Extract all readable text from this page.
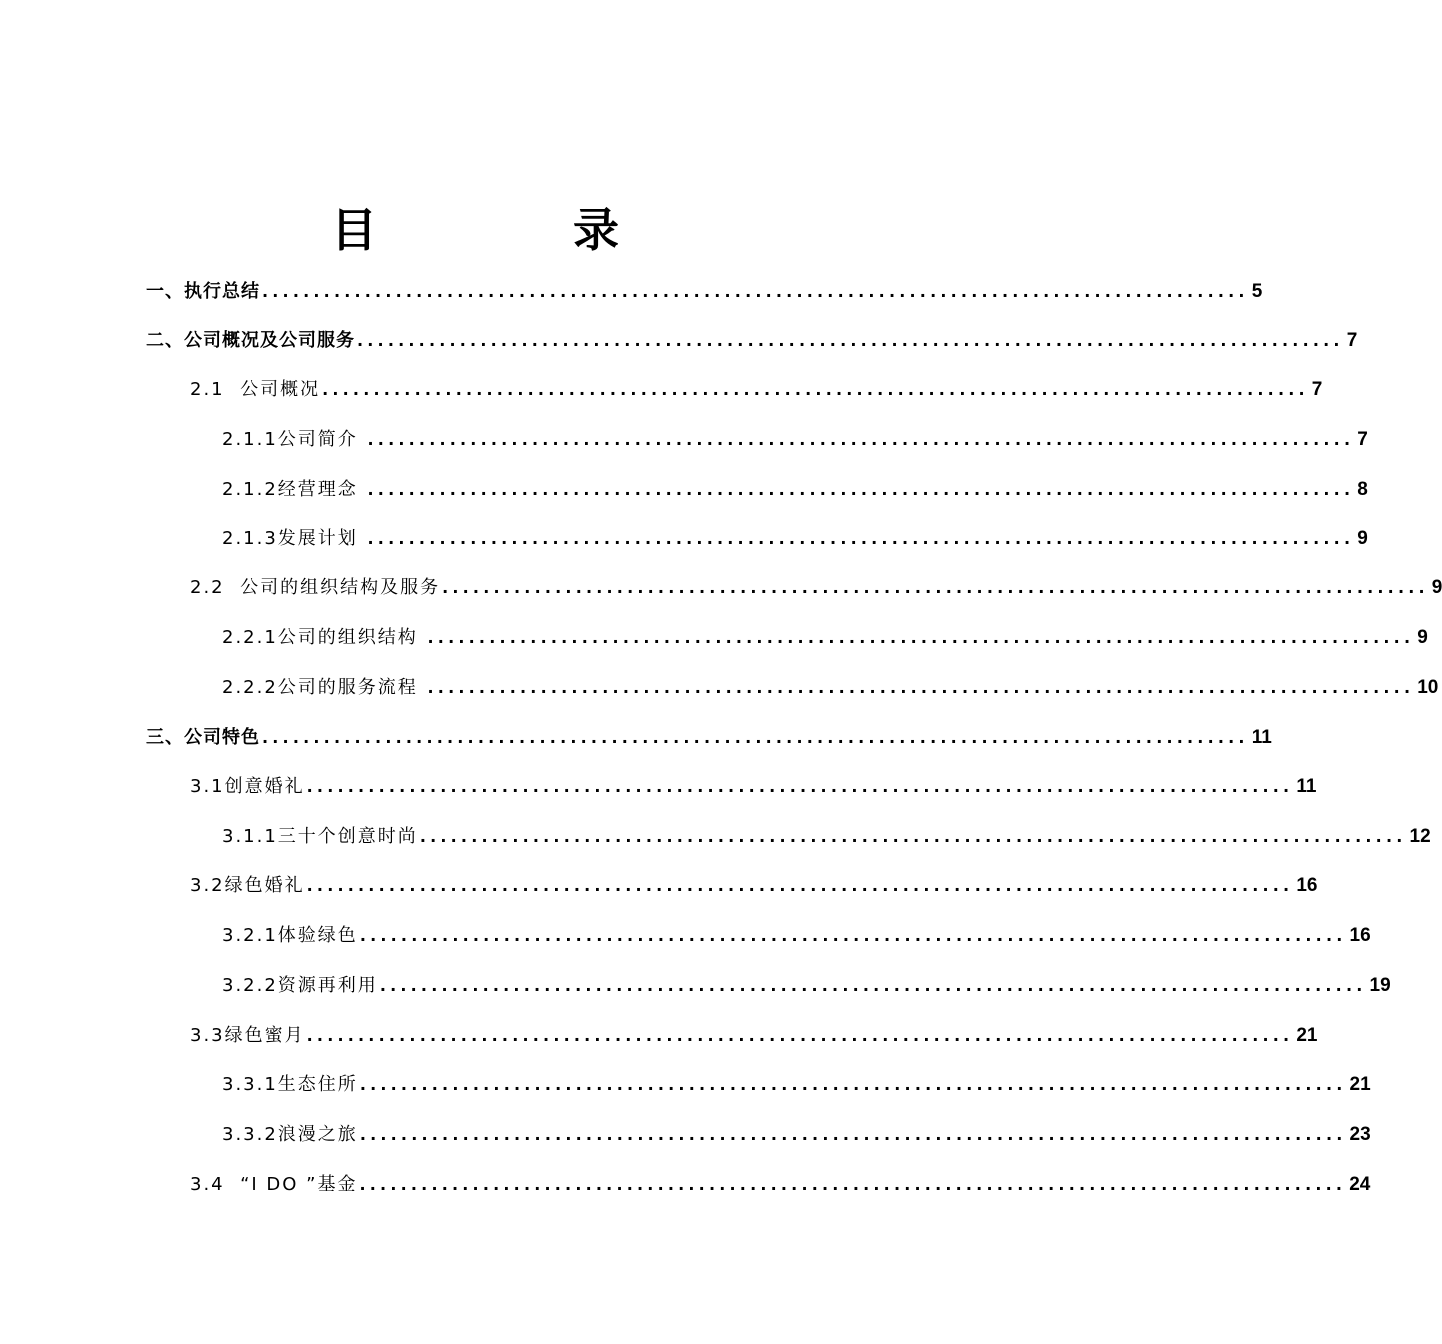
目 录
一、执行总结 ................................................................................................ 5
二、公司概况及公司服务 ................................................................................................ 7
2.1  公司概况 ................................................................................................ 7
2.1.1公司简介 ................................................................................................ 7
2.1.2经营理念 ................................................................................................ 8
2.1.3发展计划 ................................................................................................ 9
2.2  公司的组织结构及服务 ................................................................................................ 9
2.2.1公司的组织结构 ................................................................................................ 9
2.2.2公司的服务流程 ................................................................................................ 10
三、公司特色 ................................................................................................ 11
3.1创意婚礼 ................................................................................................ 11
3.1.1三十个创意时尚 ................................................................................................ 12
3.2绿色婚礼 ................................................................................................ 16
3.2.1体验绿色 ................................................................................................ 16
3.2.2资源再利用 ................................................................................................ 19
3.3绿色蜜月 ................................................................................................ 21
3.3.1生态住所 ................................................................................................ 21
3.3.2浪漫之旅 ................................................................................................ 23
3.4  “I DO ”基金 ................................................................................................ 24
